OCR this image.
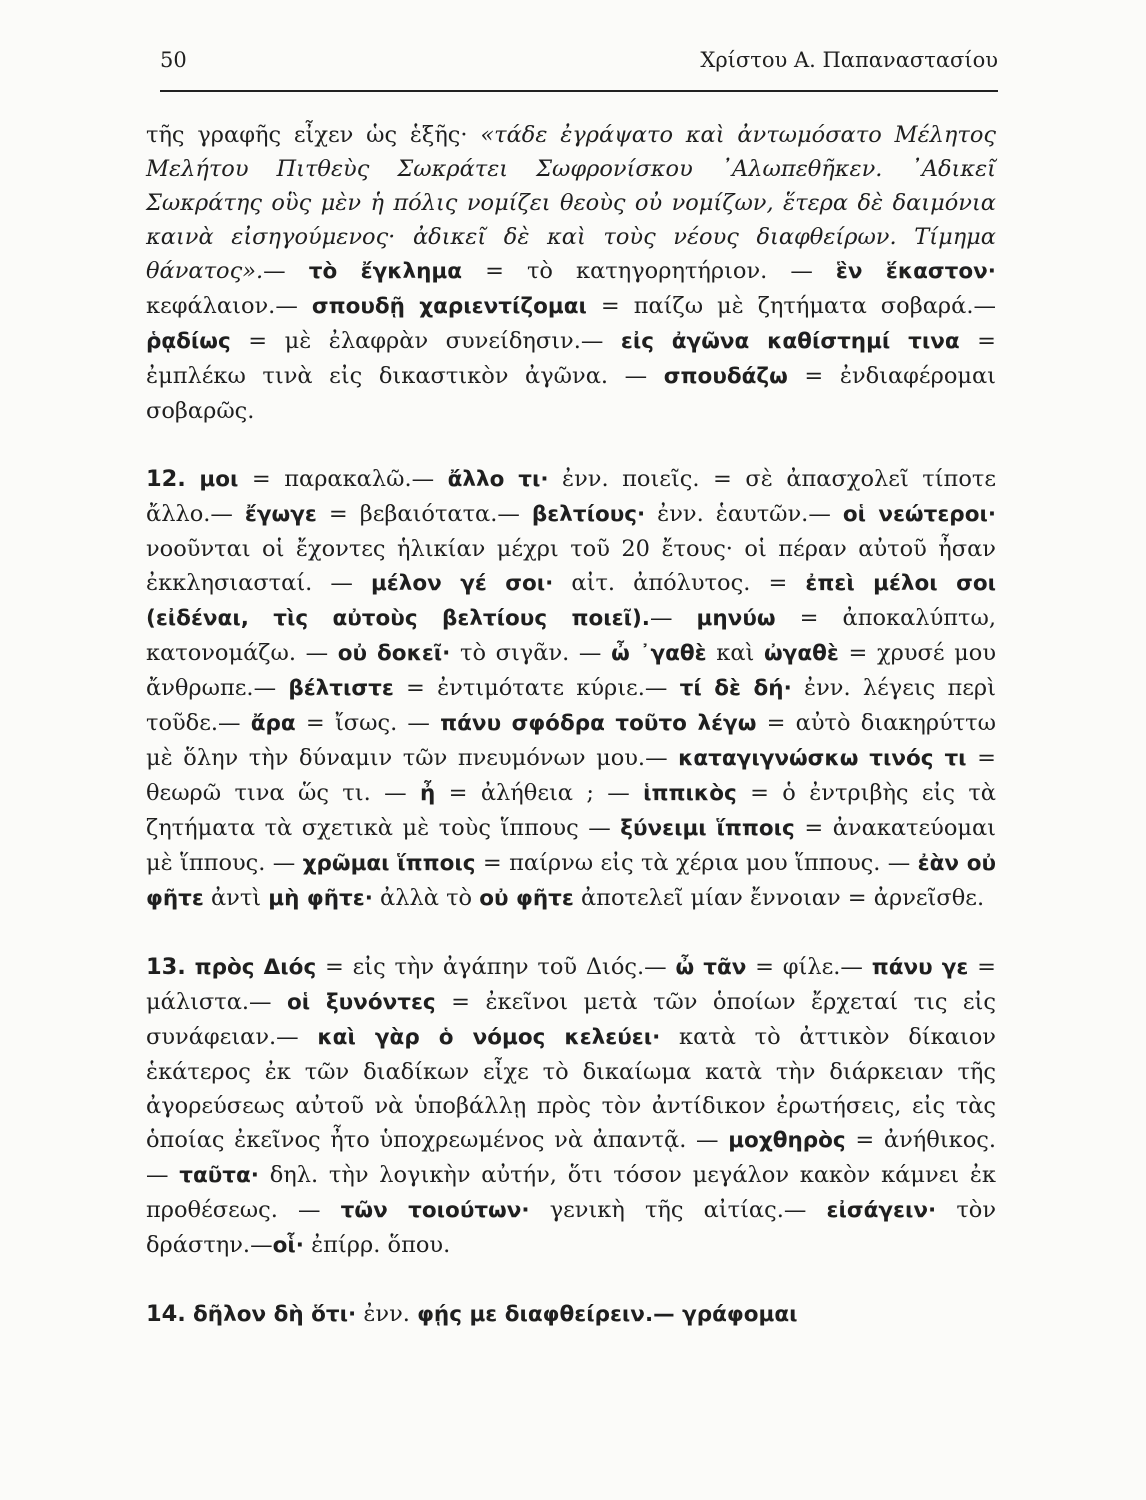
50	Χρίστου Α. Παπαναστασίου

τῆς γραφῆς εἶχεν ὡς ἑξῆς· «τάδε ἐγράψατο καὶ ἀντωμόσατο Μέλητος Μελήτου Πιτθεὺς Σωκράτει Σωφρονίσκου ᾿Αλωπεθῆκεν. ᾿Αδικεῖ Σωκράτης οὓς μὲν ἡ πόλις νομίζει θεοὺς οὐ νομίζων, ἕτερα δὲ δαιμόνια καινὰ εἰσηγούμενος· ἀδικεῖ δὲ καὶ τοὺς νέους διαφθείρων. Τίμημα θάνατος».— τὸ ἔγκλημα = τὸ κατηγορητήριον. — ἓν ἕκαστον· κεφάλαιον.— σπουδῇ χαριεντίζομαι = παίζω μὲ ζητήματα σοβαρά.—ῥᾳδίως = μὲ ἐλαφρὰν συνείδησιν.— εἰς ἀγῶνα καθίστημί τινα = ἐμπλέκω τινὰ εἰς δικαστικὸν ἀγῶνα. — σπουδάζω = ἐνδιαφέρομαι σοβαρῶς.

12. μοι = παρακαλῶ.— ἄλλο τι· ἐνν. ποιεῖς. = σὲ ἀπασχολεῖ τίποτε ἄλλο.— ἔγωγε = βεβαιότατα.— βελτίους· ἐνν. ἑαυτῶν.— οἱ νεώτεροι· νοοῦνται οἱ ἔχοντες ἡλικίαν μέχρι τοῦ 20 ἔτους· οἱ πέραν αὐτοῦ ἦσαν ἐκκλησιασταί. — μέλον γέ σοι· αἰτ. ἀπόλυτος. = ἐπεὶ μέλοι σοι (εἰδέναι, τὶς αὐτοὺς βελτίους ποιεῖ).— μηνύω = ἀποκαλύπτω, κατονομάζω. — οὐ δοκεῖ· τὸ σιγᾶν. — ὦ ᾿γαθὲ καὶ ὠγαθὲ = χρυσέ μου ἄνθρωπε.— βέλτιστε = ἐντιμότατε κύριε.— τί δὲ δή· ἐνν. λέγεις περὶ τοῦδε.— ἄρα = ἴσως. — πάνυ σφόδρα τοῦτο λέγω = αὐτὸ διακηρύττω μὲ ὅλην τὴν δύναμιν τῶν πνευμόνων μου.— καταγιγνώσκω τινός τι = θεωρῶ τινα ὥς τι. — ἦ = ἀλήθεια ; — ἱππικὸς = ὁ ἐντριβὴς εἰς τὰ ζητήματα τὰ σχετικὰ μὲ τοὺς ἵππους — ξύνειμι ἵπποις = ἀνακατεύομαι μὲ ἵππους. — χρῶμαι ἵπποις = παίρνω εἰς τὰ χέρια μου ἵππους. — ἐὰν οὐ φῆτε ἀντὶ μὴ φῆτε· ἀλλὰ τὸ οὐ φῆτε ἀποτελεῖ μίαν ἔννοιαν = ἀρνεῖσθε.

13. πρὸς Διός = εἰς τὴν ἀγάπην τοῦ Διός.— ὦ τᾶν = φίλε.— πάνυ γε = μάλιστα.— οἱ ξυνόντες = ἐκεῖνοι μετὰ τῶν ὁποίων ἔρχεταί τις εἰς συνάφειαν.— καὶ γὰρ ὁ νόμος κελεύει· κατὰ τὸ ἀττικὸν δίκαιον ἑκάτερος ἐκ τῶν διαδίκων εἶχε τὸ δικαίωμα κατὰ τὴν διάρκειαν τῆς ἀγορεύσεως αὐτοῦ νὰ ὑποβάλλῃ πρὸς τὸν ἀντίδικον ἐρωτήσεις, εἰς τὰς ὁποίας ἐκεῖνος ἦτο ὑποχρεωμένος νὰ ἀπαντᾷ. — μοχθηρὸς = ἀνήθικος. — ταῦτα· δηλ. τὴν λογικὴν αὐτήν, ὅτι τόσον μεγάλον κακὸν κάμνει ἐκ προθέσεως. — τῶν τοιούτων· γενικὴ τῆς αἰτίας.— εἰσάγειν· τὸν δράστην.—οἷ· ἐπίρρ. ὅπου.

14. δῆλον δὴ ὅτι· ἐνν. φῄς με διαφθείρειν.— γράφομαι
